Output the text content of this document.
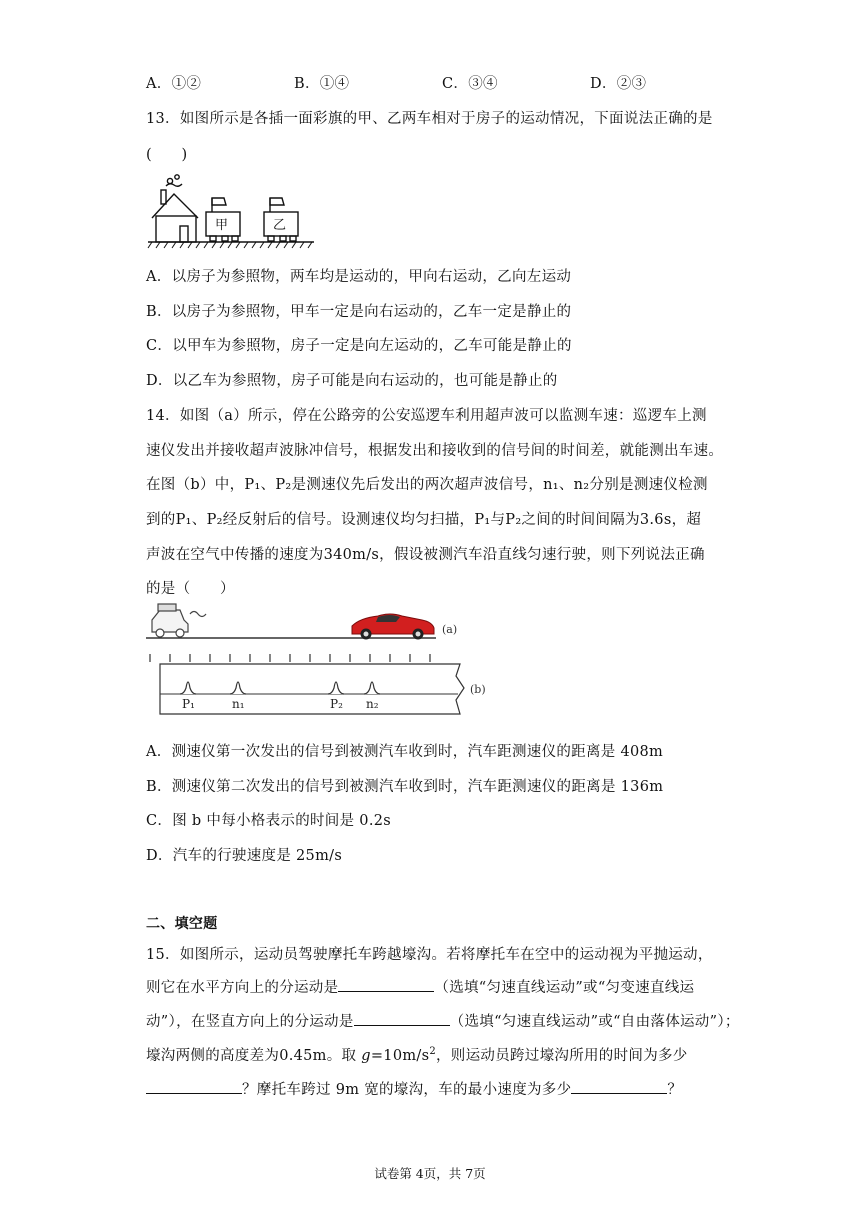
A．①②	B．①④	C．③④	D．②③
13．如图所示是各插一面彩旗的甲、乙两车相对于房子的运动情况，下面说法正确的是
(　　)
甲	乙
A．以房子为参照物，两车均是运动的，甲向右运动，乙向左运动
B．以房子为参照物，甲车一定是向右运动的，乙车一定是静止的
C．以甲车为参照物，房子一定是向左运动的，乙车可能是静止的
D．以乙车为参照物，房子可能是向右运动的，也可能是静止的
14．如图（a）所示，停在公路旁的公安巡逻车利用超声波可以监测车速：巡逻车上测
速仪发出并接收超声波脉冲信号，根据发出和接收到的信号间的时间差，就能测出车速。
在图（b）中，P₁、P₂是测速仪先后发出的两次超声波信号，n₁、n₂分别是测速仪检测
到的P₁、P₂经反射后的信号。设测速仪均匀扫描，P₁与P₂之间的时间间隔为3.6s，超
声波在空气中传播的速度为340m/s，假设被测汽车沿直线匀速行驶，则下列说法正确
的是（　　）
(a)
P₁	n₁	P₂ n₂
(b)
A．测速仪第一次发出的信号到被测汽车收到时，汽车距测速仪的距离是 408m
B．测速仪第二次发出的信号到被测汽车收到时，汽车距测速仪的距离是 136m
C．图 b 中每小格表示的时间是 0.2s
D．汽车的行驶速度是 25m/s
二、填空题
15．如图所示，运动员驾驶摩托车跨越壕沟。若将摩托车在空中的运动视为平抛运动，
则它在水平方向上的分运动是	（选填“匀速直线运动”或“匀变速直线运
动”），在竖直方向上的分运动是	（选填“匀速直线运动”或“自由落体运动”）；
壕沟两侧的高度差为0.45m。取 $g=10m/s^2$，则运动员跨过壕沟所用的时间为多少
？摩托车跨过 9m 宽的壕沟，车的最小速度为多少	？
试卷第 4页，共 7页
